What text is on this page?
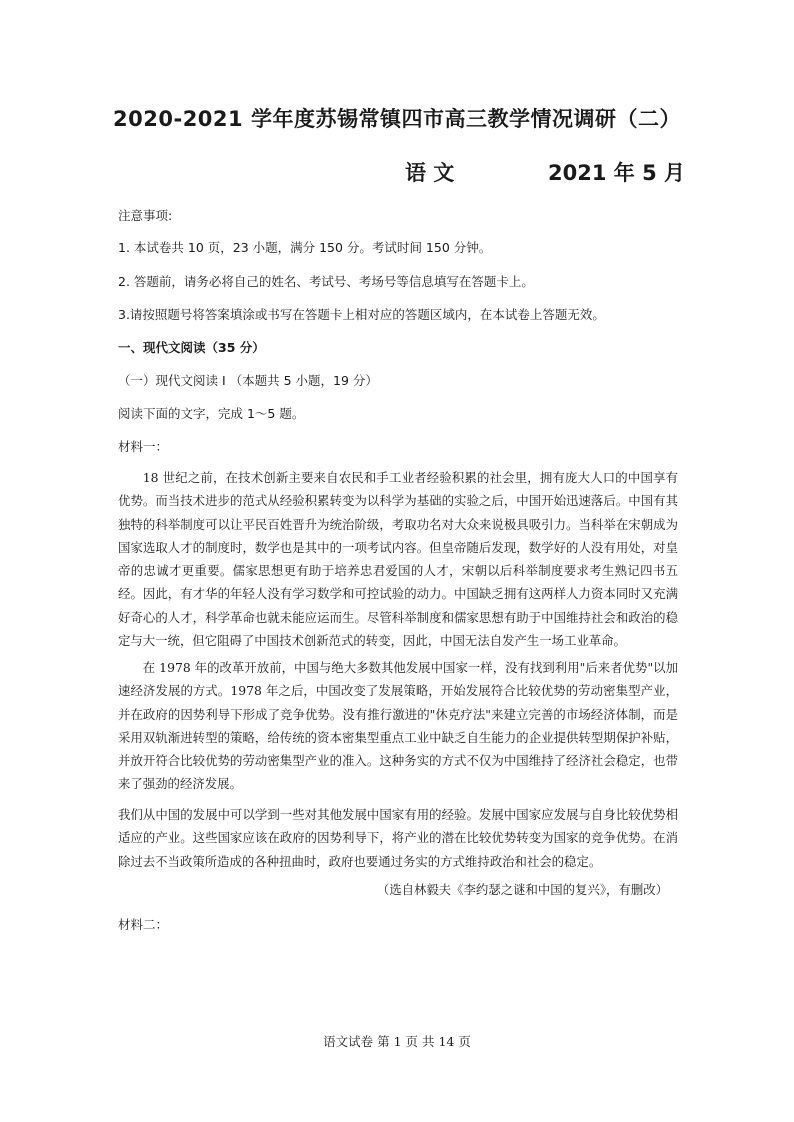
2020-2021 学年度苏锡常镇四市高三教学情况调研（二）
语 文	2021 年 5 月
注意事项:
1. 本试卷共 10 页，23 小题，满分 150 分。考试时间 150 分钟。
2. 答题前，请务必将自己的姓名、考试号、考场号等信息填写在答题卡上。
3.请按照题号将答案填涂或书写在答题卡上相对应的答题区域内，在本试卷上答题无效。
一、现代文阅读（35 分）
（一）现代文阅读 I （本题共 5 小题，19 分）
阅读下面的文字，完成 1～5 题。
材料一：
18 世纪之前，在技术创新主要来自农民和手工业者经验积累的社会里，拥有庞大人口的中国享有优势。而当技术进步的范式从经验积累转变为以科学为基础的实验之后，中国开始迅速落后。中国有其独特的科举制度可以让平民百姓晋升为统治阶级，考取功名对大众来说极具吸引力。当科举在宋朝成为国家选取人才的制度时，数学也是其中的一项考试内容。但皇帝随后发现，数学好的人没有用处，对皇帝的忠诚才更重要。儒家思想更有助于培养忠君爱国的人才，宋朝以后科举制度要求考生熟记四书五经。因此，有才华的年轻人没有学习数学和可控试验的动力。中国缺乏拥有这两样人力资本同时又充满好奇心的人才，科学革命也就未能应运而生。尽管科举制度和儒家思想有助于中国维持社会和政治的稳定与大一统，但它阻碍了中国技术创新范式的转变，因此，中国无法自发产生一场工业革命。
在 1978 年的改革开放前，中国与绝大多数其他发展中国家一样，没有找到利用"后来者优势"以加速经济发展的方式。1978 年之后，中国改变了发展策略，开始发展符合比较优势的劳动密集型产业，并在政府的因势利导下形成了竞争优势。没有推行激进的"休克疗法"来建立完善的市场经济体制，而是采用双轨渐进转型的策略，给传统的资本密集型重点工业中缺乏自生能力的企业提供转型期保护补贴，并放开符合比较优势的劳动密集型产业的准入。这种务实的方式不仅为中国维持了经济社会稳定，也带来了强劲的经济发展。
我们从中国的发展中可以学到一些对其他发展中国家有用的经验。发展中国家应发展与自身比较优势相适应的产业。这些国家应该在政府的因势利导下，将产业的潜在比较优势转变为国家的竞争优势。在消除过去不当政策所造成的各种扭曲时，政府也要通过务实的方式维持政治和社会的稳定。
（选自林毅夫《李约瑟之谜和中国的复兴》，有删改）
材料二：
语文试卷 第 1 页 共 14 页
